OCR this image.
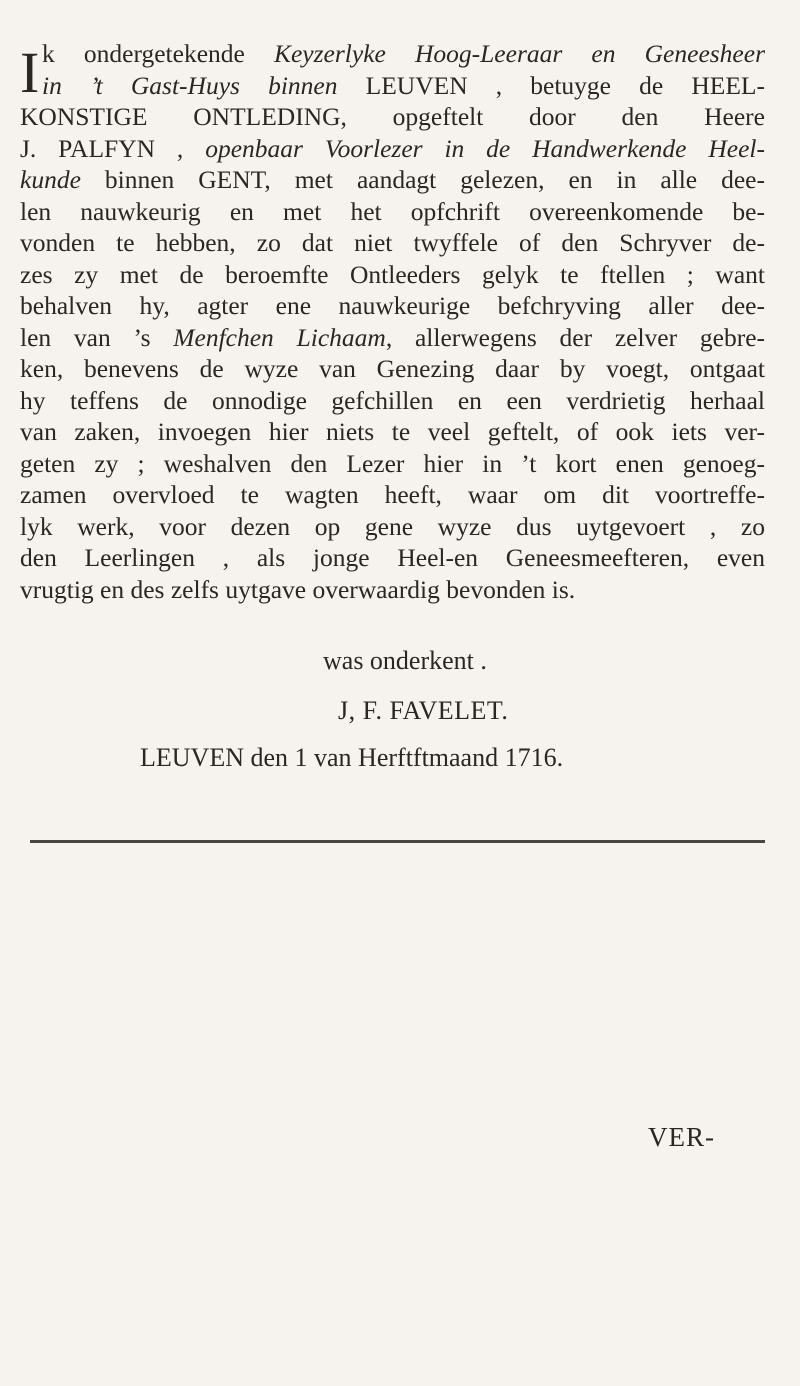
I k ondergetekende Keyzerlyke Hoog-Leeraar en Geneesheer
in ’t Gast-Huys binnen LEUVEN , betuyge de HEEL-
KONSTIGE ONTLEDING, opgeftelt door den Heere
J. PALFYN , openbaar Voorlezer in de Handwerkende Heel-
kunde binnen GENT, met aandagt gelezen, en in alle dee-
len nauwkeurig en met het opfchrift overeenkomende be-
vonden te hebben, zo dat niet twyffele of den Schryver de-
zes zy met de beroemfte Ontleeders gelyk te ftellen ; want
behalven hy, agter ene nauwkeurige befchryving aller dee-
len van ’s Menfchen Lichaam, allerwegens der zelver gebre-
ken, benevens de wyze van Genezing daar by voegt, ontgaat
hy teffens de onnodige gefchillen en een verdrietig herhaal
van zaken, invoegen hier niets te veel geftelt, of ook iets ver-
geten zy ; weshalven den Lezer hier in ’t kort enen genoeg-
zamen overvloed te wagten heeft, waar om dit voortreffe-
lyk werk, voor dezen op gene wyze dus uytgevoert , zo
den Leerlingen , als jonge Heel-en Geneesmeefteren, even
vrugtig en des zelfs uytgave overwaardig bevonden is.
was onderkent .
J, F. FAVELET.
LEUVEN den 1 van Herftftmaand 1716.
VER-
